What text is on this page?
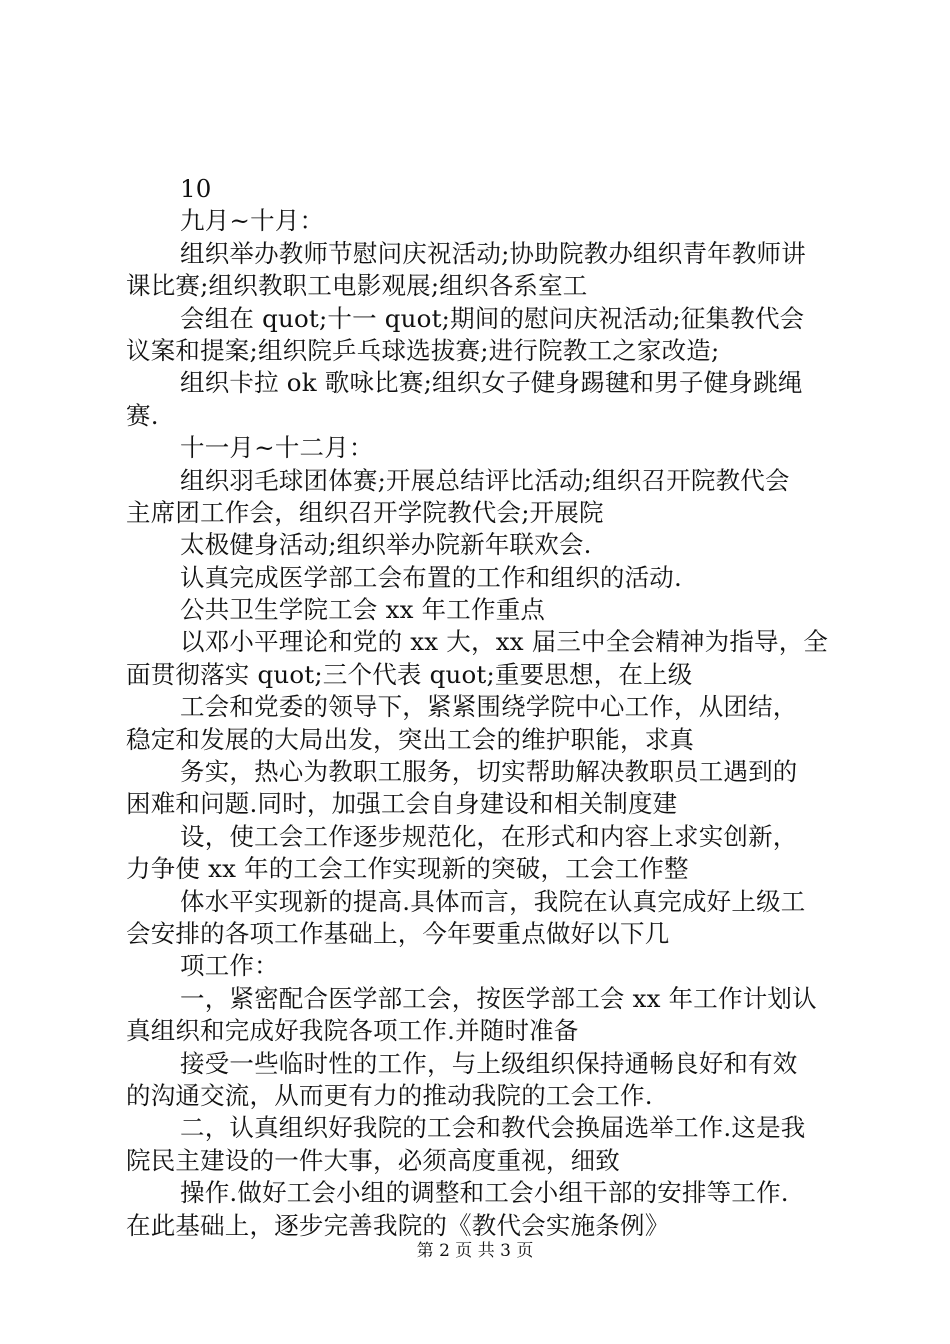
10
九月~十月：
组织举办教师节慰问庆祝活动;协助院教办组织青年教师讲
课比赛;组织教职工电影观展;组织各系室工
会组在 quot;十一 quot;期间的慰问庆祝活动;征集教代会
议案和提案;组织院乒乓球选拔赛;进行院教工之家改造;
组织卡拉 ok 歌咏比赛;组织女子健身踢毽和男子健身跳绳
赛.
十一月~十二月：
组织羽毛球团体赛;开展总结评比活动;组织召开院教代会
主席团工作会，组织召开学院教代会;开展院
太极健身活动;组织举办院新年联欢会.
认真完成医学部工会布置的工作和组织的活动.
公共卫生学院工会 xx 年工作重点
以邓小平理论和党的 xx 大，xx 届三中全会精神为指导，全
面贯彻落实 quot;三个代表 quot;重要思想，在上级
工会和党委的领导下，紧紧围绕学院中心工作，从团结，
稳定和发展的大局出发，突出工会的维护职能，求真
务实，热心为教职工服务，切实帮助解决教职员工遇到的
困难和问题.同时，加强工会自身建设和相关制度建
设，使工会工作逐步规范化，在形式和内容上求实创新，
力争使 xx 年的工会工作实现新的突破，工会工作整
体水平实现新的提高.具体而言，我院在认真完成好上级工
会安排的各项工作基础上，今年要重点做好以下几
项工作：
一，紧密配合医学部工会，按医学部工会 xx 年工作计划认
真组织和完成好我院各项工作.并随时准备
接受一些临时性的工作，与上级组织保持通畅良好和有效
的沟通交流，从而更有力的推动我院的工会工作.
二，认真组织好我院的工会和教代会换届选举工作.这是我
院民主建设的一件大事，必须高度重视，细致
操作.做好工会小组的调整和工会小组干部的安排等工作.
在此基础上，逐步完善我院的《教代会实施条例》
第 2 页 共 3 页
